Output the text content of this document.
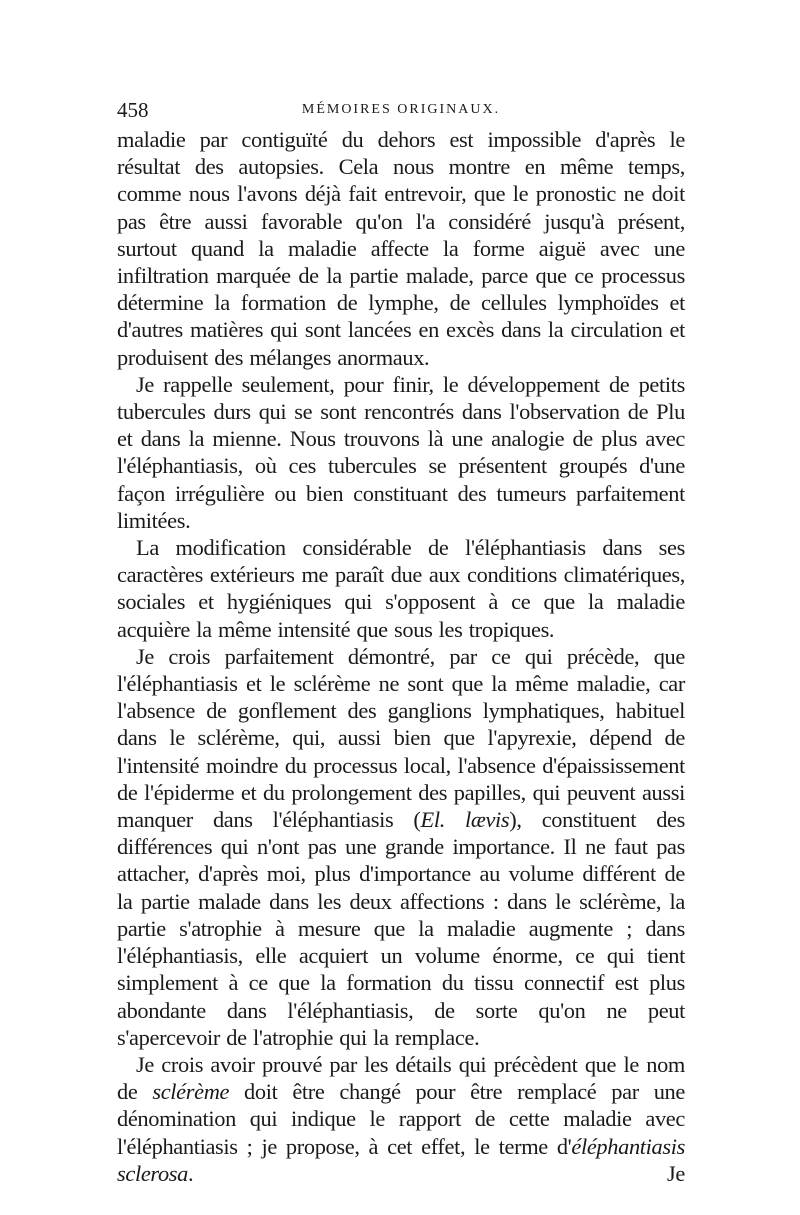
458	MÉMOIRES ORIGINAUX.

maladie par contiguïté du dehors est impossible d'après le résultat des autopsies. Cela nous montre en même temps, comme nous l'avons déjà fait entrevoir, que le pronostic ne doit pas être aussi favorable qu'on l'a considéré jusqu'à présent, surtout quand la maladie affecte la forme aiguë avec une infiltration marquée de la partie malade, parce que ce processus détermine la formation de lymphe, de cellules lymphoïdes et d'autres matières qui sont lancées en excès dans la circulation et produisent des mélanges anormaux.

Je rappelle seulement, pour finir, le développement de petits tubercules durs qui se sont rencontrés dans l'observation de Plu et dans la mienne. Nous trouvons là une analogie de plus avec l'éléphantiasis, où ces tubercules se présentent groupés d'une façon irrégulière ou bien constituant des tumeurs parfaitement limitées.

La modification considérable de l'éléphantiasis dans ses caractères extérieurs me paraît due aux conditions climatériques, sociales et hygiéniques qui s'opposent à ce que la maladie acquière la même intensité que sous les tropiques.

Je crois parfaitement démontré, par ce qui précède, que l'éléphantiasis et le sclérème ne sont que la même maladie, car l'absence de gonflement des ganglions lymphatiques, habituel dans le sclérème, qui, aussi bien que l'apyrexie, dépend de l'intensité moindre du processus local, l'absence d'épaississement de l'épiderme et du prolongement des papilles, qui peuvent aussi manquer dans l'éléphantiasis (El. lævis), constituent des différences qui n'ont pas une grande importance. Il ne faut pas attacher, d'après moi, plus d'importance au volume différent de la partie malade dans les deux affections : dans le sclérème, la partie s'atrophie à mesure que la maladie augmente ; dans l'éléphantiasis, elle acquiert un volume énorme, ce qui tient simplement à ce que la formation du tissu connectif est plus abondante dans l'éléphantiasis, de sorte qu'on ne peut s'apercevoir de l'atrophie qui la remplace.

Je crois avoir prouvé par les détails qui précèdent que le nom de sclérème doit être changé pour être remplacé par une dénomination qui indique le rapport de cette maladie avec l'éléphantiasis ; je propose, à cet effet, le terme d'éléphantiasis sclerosa. Je
